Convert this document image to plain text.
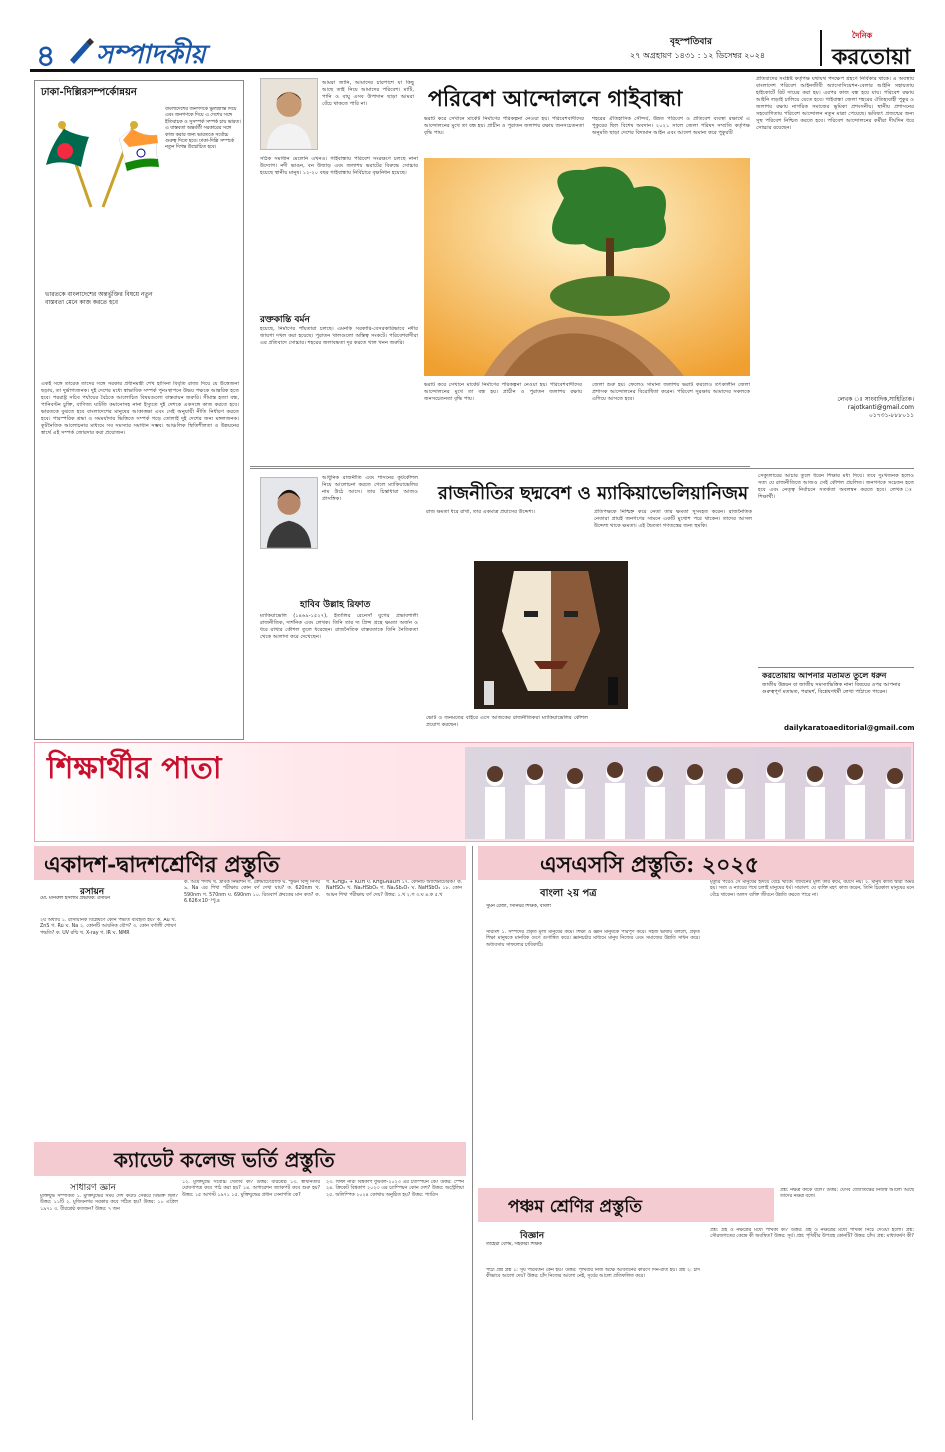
৪	সম্পাদকীয়	বৃহস্পতিবার
২৭ অগ্রহায়ণ ১৪৩১ : ১২ ডিসেম্বর ২০২৪
দৈনিক
করতোয়া
ঢাকা-দিল্লিরসম্পর্কোন্নয়ন
বাংলাদেশের জনগণকে ভুলভ্রান্তি দিয়ে এবং জনগণকে দিয়ে এ দেশের সঙ্গে ইতিবাচক ও সুসম্পর্ক সম্পর্ক চায় ভারত। এ বাস্তবতা অন্তর্বর্তী সরকারের সঙ্গে কাজ করার জন্য ভারতকে সর্বোচ্চ গুরুত্ব দিতে হবে। ঢাকা-দিল্লি সম্পর্কে নতুন দিগন্ত উন্মোচিত হবে।
ভারতকে বাংলাদেশের অন্তর্ভুক্তির বিষয়ে নতুন বাস্তবতা মেনে কাজ করতে হবে
একই সঙ্গে তারেক তাদের সঙ্গে সরকার প্রধানমন্ত্রী শেখ হাসিনা বিবৃতি রাজ্য দিয়ে যে উত্তেজনা ছড়ায়, তা দুর্ভাগ্যজনক। দুই দেশের মধ্যে স্বাভাবিক সম্পর্ক পুনঃস্থাপনে উভয় পক্ষকে আন্তরিক হতে হবে। পররাষ্ট্র সচিব পর্যায়ের বৈঠকে আলোচিত বিষয়গুলো বাস্তবায়ন জরুরি। সীমান্ত হত্যা বন্ধ, পানিবণ্টন চুক্তি, বাণিজ্য ঘাটতি কমানোসহ নানা ইস্যুতে দুই দেশকে একসঙ্গে কাজ করতে হবে। ভারতকে বুঝতে হবে বাংলাদেশের মানুষের আকাঙ্ক্ষা এবং সেই অনুযায়ী নীতি নির্ধারণ করতে হবে। পারস্পরিক শ্রদ্ধা ও সমমর্যাদার ভিত্তিতে সম্পর্ক গড়ে তোলাই দুই দেশের জন্য মঙ্গলজনক। কূটনৈতিক আলোচনার মাধ্যমে সব সমস্যার সমাধান সম্ভব। আঞ্চলিক স্থিতিশীলতা ও উন্নয়নের স্বার্থে এই সম্পর্ক জোরদার করা প্রয়োজন।
আমরা জানি, আমাদের চারপাশে যা কিছু আছে তাই নিয়ে আমাদের পরিবেশ। মাটি, পানি ও বায়ু এসব উপাদান ছাড়া আমরা বেঁচে থাকতে পারি না।	পরিবেশ আন্দোলনে গাইবান্ধা
শহরের ঐতিহাসিক সৌন্দর্য, উন্নত পরিবেশ ও প্রতিবেশ ব্যবস্থা রক্ষার্থে এ পুকুরের ছিল বিশেষ অবদান। ২০২১ সালে জেলা পরিষদ সম্প্রতি কর্তৃপক্ষ অনুমতি ছাড়া দেশের বিদ্যমান আইন এবং আদেশ অমান্য করে পুকুরটি
ভরাট করে সেখানে মার্কেট নির্মাণের পরিকল্পনা নেওয়া হয়। পরিবেশবাদীদের আন্দোলনের মুখে তা বন্ধ হয়। প্রাচীন ও পুরাতন জলাশয় রক্ষায় জনসচেতনতা বৃদ্ধি পায়।
সঠিক সমাধান মেলেনি এখনও। গাইবান্ধায় পরিবেশ সংরক্ষণে চলছে নানা উদ্যোগ। নদী ভাঙন, বন উজাড় এবং জলাশয় ভরাটের বিরুদ্ধে সোচ্চার হয়েছে স্থানীয় মানুষ। ১২-২০ বছর গাইবান্ধায় নির্বিচারে বৃক্ষনিধন হয়েছে।
রক্তকান্তি বর্মন
হয়েছে, নির্মাণের পাঁয়তারা চলছে। এমনকি সরকারি-বেসরকারিভাবে নদীর জায়গা দখল করা হয়েছে। পুরাতন খালগুলো অস্তিত্ব সংকটে। পরিবেশবাদীরা এর প্রতিবাদে সোচ্চার। শহরের জলাবদ্ধতা দূর করতে খাল খনন জরুরি।
ভরাট করে সেখানে মার্কেট নির্মাণের পরিকল্পনা নেওয়া হয়। পরিবেশবাদীদের আন্দোলনের মুখে তা বন্ধ হয়। প্রাচীন ও পুরাতন জলাশয় রক্ষায় জনসচেতনতা বৃদ্ধি পায়।
জেলা শুরু হয়। ফেলেও সামান্য জলাশয় ভরাট করলেও তৎকালীন জেলা প্রশাসক আন্দোলনের বিরোধিতা করেন। পরিবেশ সুরক্ষায় আমাদের সকলকে এগিয়ে আসতে হবে।
প্রতিবাদের সংশ্লিষ্ট কর্তৃপক্ষ যথাযথ পদক্ষেপ গ্রহণে নির্বিকার থাকে। এ অবস্থায় বাংলাদেশ পরিবেশ আইনজীবী অ্যাসোসিয়েশন-বেলার আইনি সহায়তায় হাইকোর্টে রিট দায়ের করা হয়। এরপর কাজ বন্ধ হয়ে যায়। পরিবেশ রক্ষায় আইনি লড়াই চালিয়ে যেতে হবে। গাইবান্ধা জেলা শহরের ঐতিহ্যবাহী পুকুর ও জলাশয় রক্ষায় নাগরিক সমাজের ভূমিকা প্রশংসনীয়। স্থানীয় প্রশাসনের সহযোগিতায় পরিবেশ আন্দোলন নতুন মাত্রা পেয়েছে। ভবিষ্যৎ প্রজন্মের জন্য সুস্থ পরিবেশ নিশ্চিত করতে হবে। পরিবেশ আন্দোলনের কর্মীরা দীর্ঘদিন ধরে সোচ্চার রয়েছেন।
লেখক ঃ সাংবাদিক,সাহিত্যিক।
rajotkanti@gmail.com
০১৭৩১-৮৮৮০১১
আধুনিক রাজনীতি এবং শাসনের কূটকৌশল নিয়ে আলোচনা করতে গেলে ম্যাকিয়াভেলির নাম উঠে আসে। তার চিন্তাধারা আজও প্রাসঙ্গিক।	রাজনীতির ছদ্মবেশ ও ম্যাকিয়াভেলিয়ানিজম
হাবিব উল্লাহ রিফাত
ম্যাকিয়াভেলি (১৪৬৯-১৫২৭), ইতালির রেনেসাঁ যুগের প্রভাবশালী রাজনীতিক, দার্শনিক এবং লেখক। তিনি তার দ্য প্রিন্স গ্রন্থে ক্ষমতা অর্জন ও ধরে রাখার কৌশল তুলে ধরেছেন। রাজনৈতিক বাস্তবতাকে তিনি নৈতিকতা থেকে আলাদা করে দেখেছেন।
রাজ ক্ষমতা ধরে রাখা, তার একমাত্র প্রয়াসের উদ্দেশ্য।
ভোট ও জনমতের বাইরে এসে আজকের রাজনীতিকরা ম্যাকিয়াভেলির কৌশল প্রয়োগ করছেন।
প্রতিপক্ষকে নিশ্চিহ্ন করে নেতা তার ক্ষমতা সুসংহত করেন। রাজনৈতিক নেতারা প্রায়ই জনগণের সামনে একটি মুখোশ পরে থাকেন। তাদের আসল উদ্দেশ্য থাকে ক্ষমতা। এই দ্বৈততা গণতন্ত্রের জন্য হুমকি।
সেক্যুলারের আচার তুলে ধরেন শিক্ষার মধ্য দিয়ে। তবে দুঃখজনক হলেও সত্য যে রাজনীতিতে আজও সেই কৌশল প্রচলিত। জনগণকে সচেতন হতে হবে এবং নেতৃত্ব নির্বাচনে সতর্কতা অবলম্বন করতে হবে। লেখক ঃ শিক্ষার্থী।
করতোয়ায় আপনার মতামত তুলে ধরুন
জাতীয় উন্নয়ন বা জাতীয় সমস্যাভিত্তিক নানা বিষয়ের ওপর আপনার গুরুত্বপূর্ণ মতামত, পরামর্শ, বিশ্লেষণধর্মী লেখা পাঠাতে পারেন।
dailykaratoaeditorial@gmail.com
শিক্ষার্থীর পাতা
একাদশ-দ্বাদশশ্রেণির প্রস্তুতি
রসায়ন
মো. মনিরুল ইসলাম প্রভাষক: রসায়ন
২য় অধ্যায় ১. রাসায়নিক বিশ্লেষণে কোন পদ্ধতি ব্যবহৃত হয়? ক. Au খ. ZnS গ. Ru ঘ. Na ২. কোনটি আয়নিক যৌগ? ৩. কোন বর্ণালী শোষণ পদ্ধতি? ক. UV রশ্মি খ. X-ray গ. IR ঘ. NMR
ক. আর্দ্র পদার্থ খ. দ্রাবক নিষ্কাশন গ. ক্রোমাটোগ্রাফি ঘ. স্ফুটন বিন্দু নির্ণয় ৯. Na এর শিখা পরীক্ষায় কোন বর্ণ দেখা যায়? ক. 620nm খ. 590nm গ. 570nm ঘ. 690nm ১০. রিডবার্গ ধ্রুবকের মান কত? ক. 6.626×10⁻³⁴J.s
গ. K₂HgI₄ + KOH ঘ. KHgI₂NaOH ১৭. কোনটি অ্যাম্ফোটেরিক? ক. NaHSO₃ খ. Na₂HSbO₃ গ. Na₂Sb₂O₇ ঘ. NaHSbO₃ ১৮. কোন আয়ন শিখা পরীক্ষায় বর্ণ দেয়? উত্তর: ১.খ ২.গ ৩.ঘ ৪.ক ৫.খ
এসএসসি প্রস্তুতি: ২০২৫
বাংলা ২য় পত্র
সুমন রেজা, সিনিয়র শিক্ষক, বাংলা
সারাংশ ১. সম্পদের প্রকৃত মূল্য মানুষের কর্মে। শিক্ষা ও জ্ঞান মানুষকে পরিপূর্ণ করে। সহজ ভাষায় বললে, প্রকৃত শিক্ষা মানুষকে মানবিক গুণে গুণান্বিত করে। জ্ঞানচর্চার মাধ্যমে মানুষ নিজের এবং সমাজের উন্নতি সাধন করে। অধ্যবসায় সাফল্যের চাবিকাঠি।
মৃত্যুর পরেও সে মানুষের হৃদয়ে বেঁচে থাকে। জীবনের মূল্য তার কর্মে, বয়সে নয়। ২. মানুষ কীর্তি দ্বারা অমর হয়। সত্য ও ন্যায়ের পথে চলাই মানুষের ধর্ম। সারাংশ: যে ব্যক্তি মহৎ কাজ করেন, তিনি চিরকাল মানুষের মনে বেঁচে থাকেন। অলস ব্যক্তি জীবনে উন্নতি করতে পারে না।
ক্যাডেট কলেজ ভর্তি প্রস্তুতি
সাধারণ জ্ঞান
মুক্তিযুদ্ধ সম্পর্কিত ১. মুক্তিযুদ্ধের সময় দেশ কয়টি সেক্টরে বিভক্ত ছিল? উত্তর: ১১টি ২. মুজিবনগর সরকার কবে গঠিত হয়? উত্তর: ১০ এপ্রিল ১৯৭১ ৩. বীরশ্রেষ্ঠ কতজন? উত্তর: ৭ জন
১২. মুক্তিযুদ্ধে সর্বোচ্চ খেতাব কী? উত্তর: বীরশ্রেষ্ঠ ১৩. স্বাধীনতার ঘোষণাপত্র কবে পাঠ করা হয়? ১৪. অপারেশন জ্যাকপট কবে শুরু হয়? উত্তর: ১৫ আগস্ট ১৯৭১ ১৫. মুক্তিযুদ্ধের প্রধান সেনাপতি কে?
২৩. ফিফা নারী বিশ্বকাপ ফুটবল-২০২৩ এর চ্যাম্পিয়ন কে? উত্তর: স্পেন ২৪. ক্রিকেট বিশ্বকাপ ২০২৩ এর চ্যাম্পিয়ন কোন দেশ? উত্তর: অস্ট্রেলিয়া ২৫. অলিম্পিক ২০২৪ কোথায় অনুষ্ঠিত হয়? উত্তর: প্যারিস
পঞ্চম শ্রেণির প্রস্তুতি
প্রশ্ন: নক্ষত্র কাকে বলে? উত্তর: যেসব জ্যোতিষ্কের নিজস্ব আলো আছে তাদের নক্ষত্র বলে।
বিজ্ঞান
তাহেরা বেগম, সহকারী শিক্ষক
পাঠ্য প্রশ্ন প্রশ্ন ১: সূর্য পরিবর্তন কেন হয়? উত্তর: পৃথিবীর নিজ অক্ষে আবর্তনের কারণে দিন-রাত হয়। প্রশ্ন ২: চাঁদ কীভাবে আলো দেয়? উত্তর: চাঁদ নিজের আলো নেই, সূর্যের আলো প্রতিফলিত করে।
প্রশ্ন: গ্রহ ও নক্ষত্রের মধ্যে পার্থক্য কী? উত্তর: গ্রহ ও নক্ষত্রের মধ্যে পার্থক্য নিচে দেওয়া হলো। প্রশ্ন: সৌরজগতের কেন্দ্রে কী অবস্থিত? উত্তর: সূর্য। প্রশ্ন: পৃথিবীর উপগ্রহ কোনটি? উত্তর: চাঁদ। প্রশ্ন: মাধ্যাকর্ষণ কী?
